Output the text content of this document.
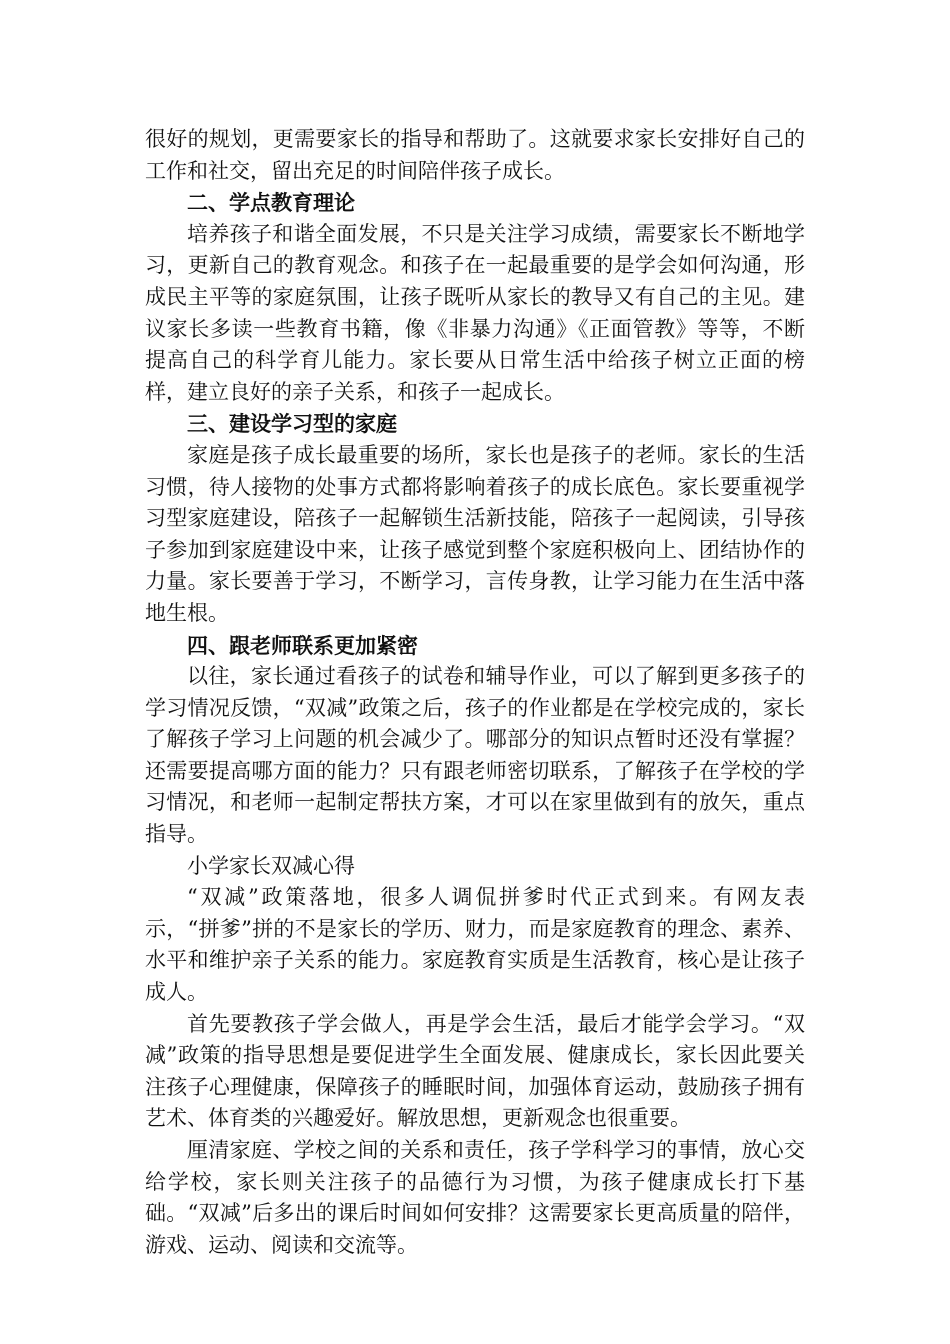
很好的规划，更需要家长的指导和帮助了。这就要求家长安排好自己的工作和社交，留出充足的时间陪伴孩子成长。

二、学点教育理论

培养孩子和谐全面发展，不只是关注学习成绩，需要家长不断地学习，更新自己的教育观念。和孩子在一起最重要的是学会如何沟通，形成民主平等的家庭氛围，让孩子既听从家长的教导又有自己的主见。建议家长多读一些教育书籍，像《非暴力沟通》《正面管教》等等，不断提高自己的科学育儿能力。家长要从日常生活中给孩子树立正面的榜样，建立良好的亲子关系，和孩子一起成长。

三、建设学习型的家庭

家庭是孩子成长最重要的场所，家长也是孩子的老师。家长的生活习惯，待人接物的处事方式都将影响着孩子的成长底色。家长要重视学习型家庭建设，陪孩子一起解锁生活新技能，陪孩子一起阅读，引导孩子参加到家庭建设中来，让孩子感觉到整个家庭积极向上、团结协作的力量。家长要善于学习，不断学习，言传身教，让学习能力在生活中落地生根。

四、跟老师联系更加紧密

以往，家长通过看孩子的试卷和辅导作业，可以了解到更多孩子的学习情况反馈，“双减”政策之后，孩子的作业都是在学校完成的，家长了解孩子学习上问题的机会减少了。哪部分的知识点暂时还没有掌握？还需要提高哪方面的能力？只有跟老师密切联系，了解孩子在学校的学习情况，和老师一起制定帮扶方案，才可以在家里做到有的放矢，重点指导。

小学家长双减心得

“双减”政策落地，很多人调侃拼爹时代正式到来。有网友表示，“拼爹”拼的不是家长的学历、财力，而是家庭教育的理念、素养、水平和维护亲子关系的能力。家庭教育实质是生活教育，核心是让孩子成人。

首先要教孩子学会做人，再是学会生活，最后才能学会学习。“双减”政策的指导思想是要促进学生全面发展、健康成长，家长因此要关注孩子心理健康，保障孩子的睡眠时间，加强体育运动，鼓励孩子拥有艺术、体育类的兴趣爱好。解放思想，更新观念也很重要。

厘清家庭、学校之间的关系和责任，孩子学科学习的事情，放心交给学校，家长则关注孩子的品德行为习惯，为孩子健康成长打下基础。“双减”后多出的课后时间如何安排？这需要家长更高质量的陪伴，游戏、运动、阅读和交流等。
